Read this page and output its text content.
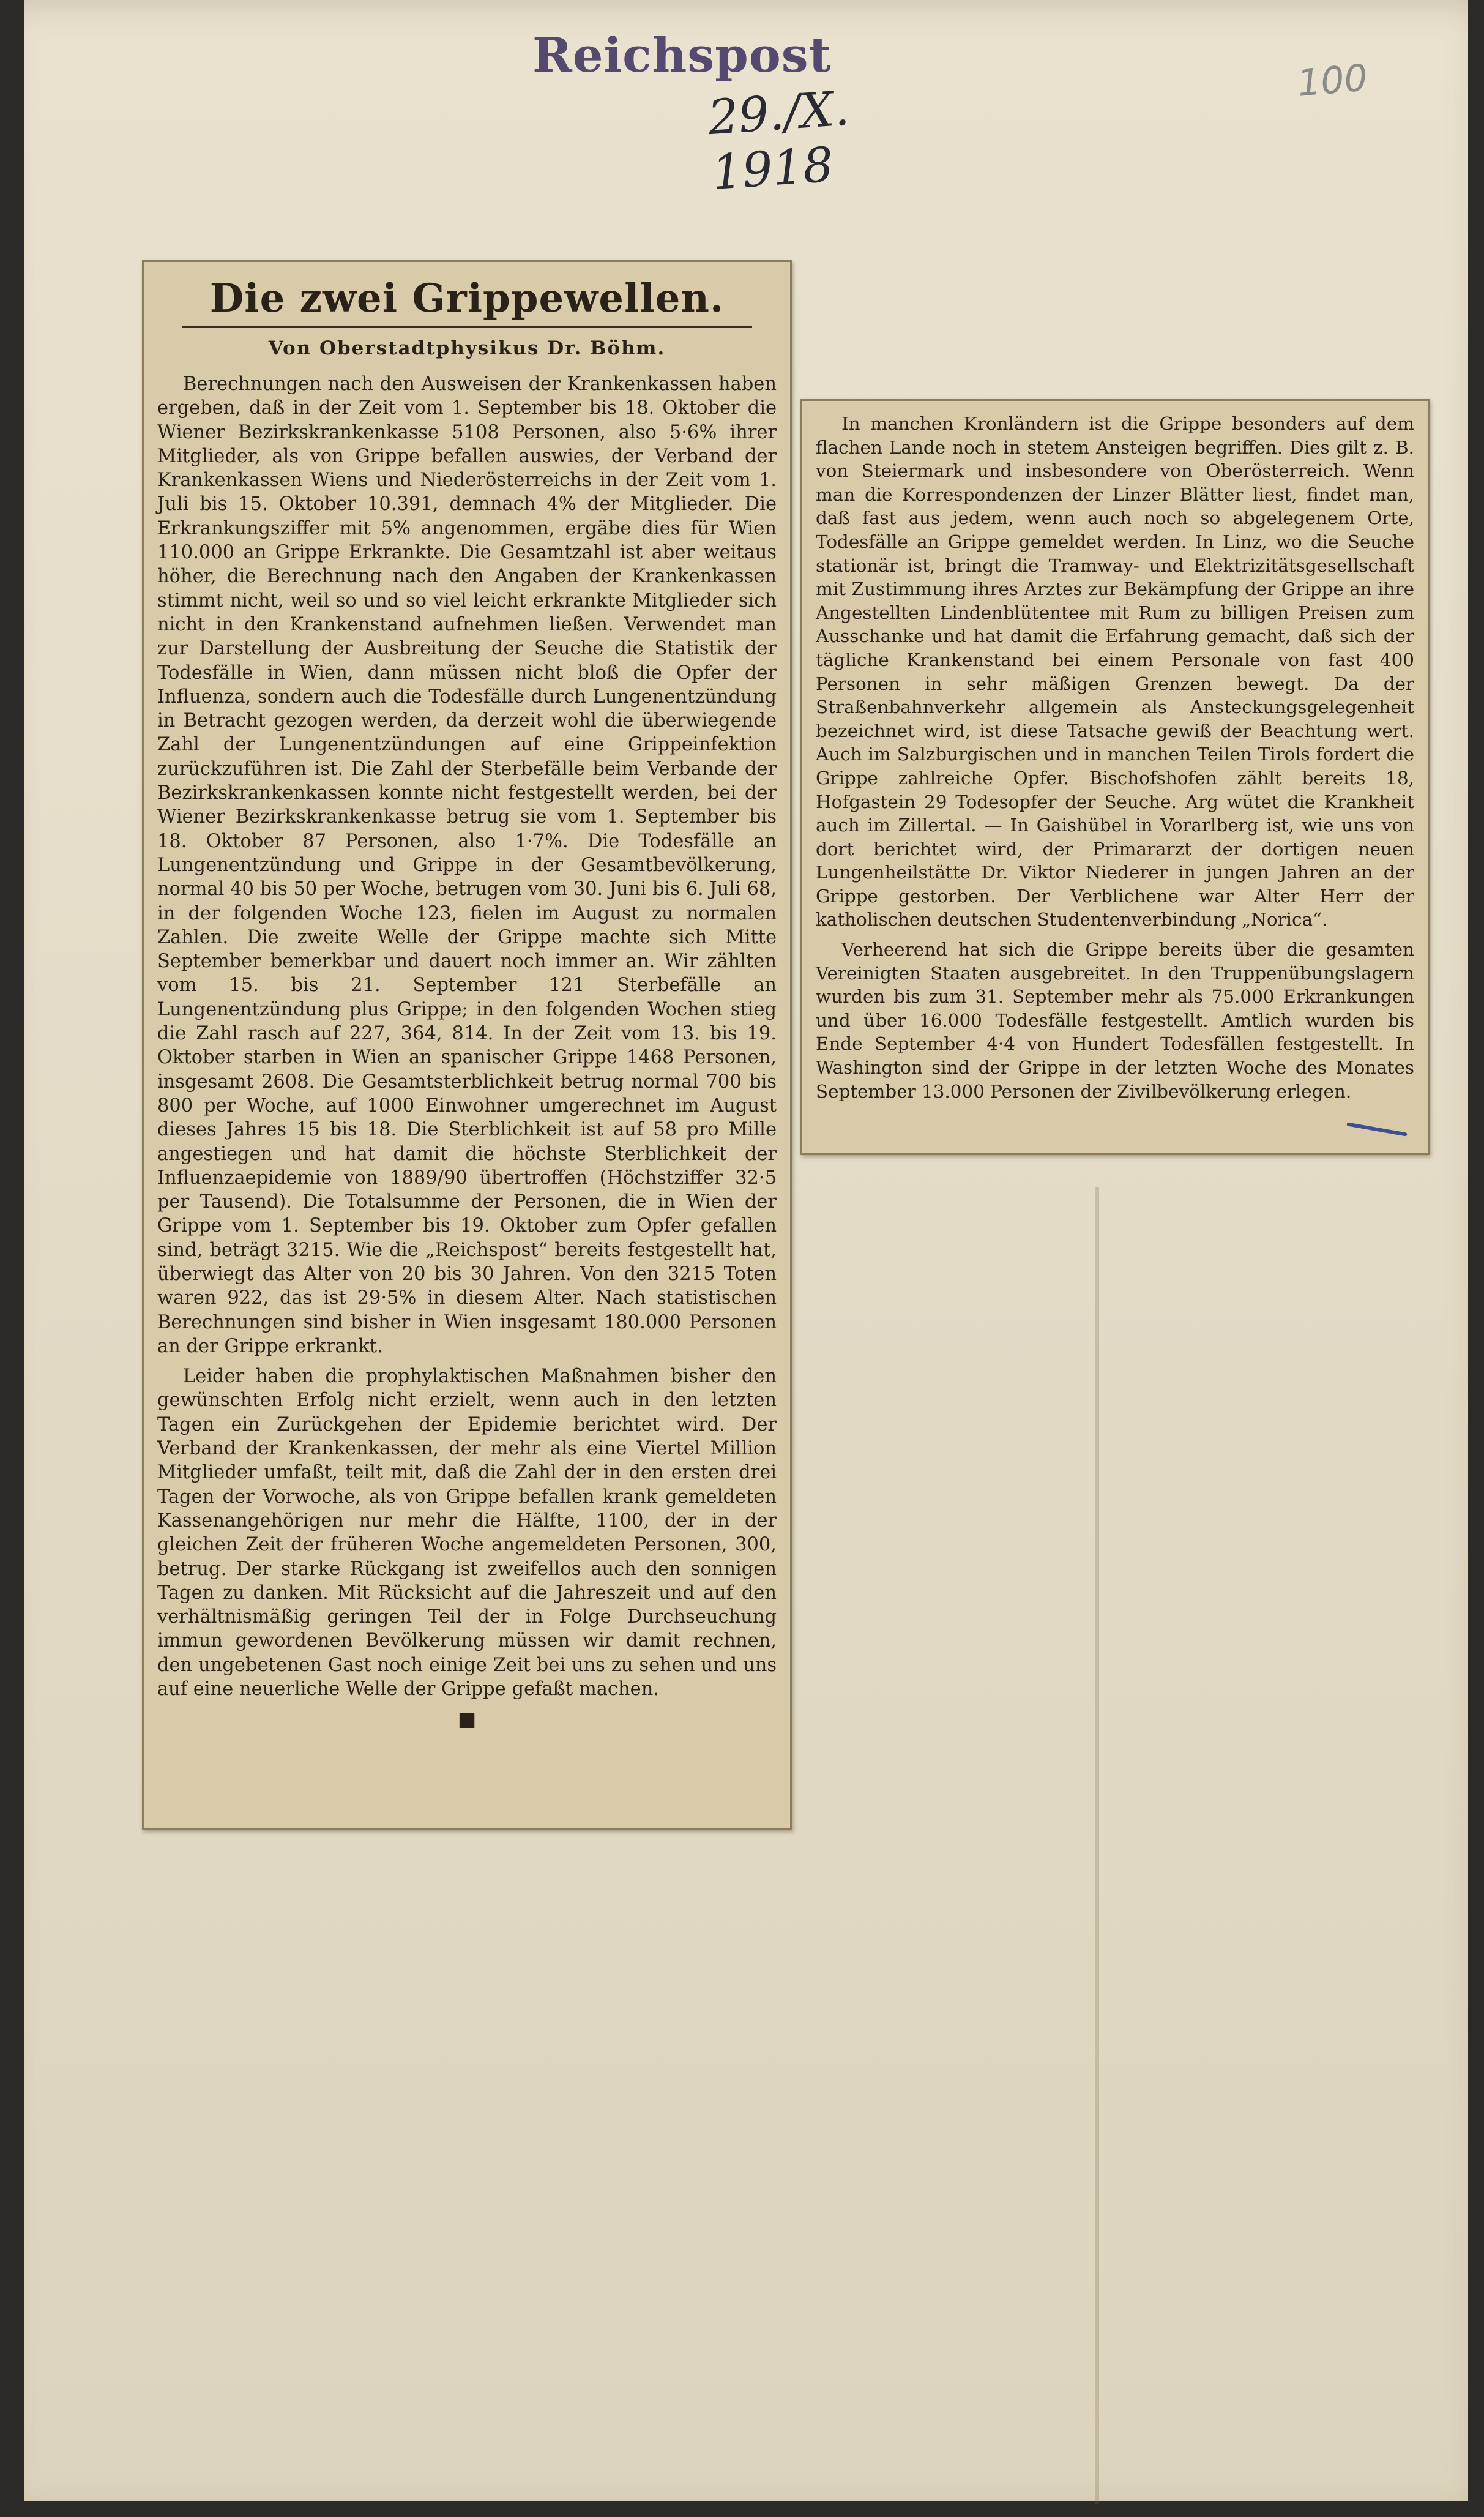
Reichspost
29./X. 1918
100
Die zwei Grippewellen.
Von Oberstadtphysikus Dr. Böhm.

Berechnungen nach den Ausweisen der Krankenkassen haben ergeben, daß in der Zeit vom 1. September bis 18. Oktober die Wiener Bezirkskrankenkasse 5108 Personen, also 5·6% ihrer Mitglieder, als von Grippe befallen auswies, der Verband der Krankenkassen Wiens und Niederösterreichs in der Zeit vom 1. Juli bis 15. Oktober 10.391, demnach 4% der Mitglieder. Die Erkrankungsziffer mit 5% angenommen, ergäbe dies für Wien 110.000 an Grippe Erkrankte. Die Gesamtzahl ist aber weitaus höher, die Berechnung nach den Angaben der Krankenkassen stimmt nicht, weil so und so viel leicht erkrankte Mitglieder sich nicht in den Krankenstand aufnehmen ließen. Verwendet man zur Darstellung der Ausbreitung der Seuche die Statistik der Todesfälle in Wien, dann müssen nicht bloß die Opfer der Influenza, sondern auch die Todesfälle durch Lungenentzündung in Betracht gezogen werden, da derzeit wohl die überwiegende Zahl der Lungenentzündungen auf eine Grippeinfektion zurückzuführen ist. Die Zahl der Sterbefälle beim Verbande der Bezirkskrankenkassen konnte nicht festgestellt werden, bei der Wiener Bezirkskrankenkasse betrug sie vom 1. September bis 18. Oktober 87 Personen, also 1·7%. Die Todesfälle an Lungenentzündung und Grippe in der Gesamtbevölkerung, normal 40 bis 50 per Woche, betrugen vom 30. Juni bis 6. Juli 68, in der folgenden Woche 123, fielen im August zu normalen Zahlen. Die zweite Welle der Grippe machte sich Mitte September bemerkbar und dauert noch immer an. Wir zählten vom 15. bis 21. September 121 Sterbefälle an Lungenentzündung plus Grippe; in den folgenden Wochen stieg die Zahl rasch auf 227, 364, 814. In der Zeit vom 13. bis 19. Oktober starben in Wien an spanischer Grippe 1468 Personen, insgesamt 2608. Die Gesamtsterblichkeit betrug normal 700 bis 800 per Woche, auf 1000 Einwohner umgerechnet im August dieses Jahres 15 bis 18. Die Sterblichkeit ist auf 58 pro Mille angestiegen und hat damit die höchste Sterblichkeit der Influenzaepidemie von 1889/90 übertroffen (Höchstziffer 32·5 per Tausend). Die Totalsumme der Personen, die in Wien der Grippe vom 1. September bis 19. Oktober zum Opfer gefallen sind, beträgt 3215. Wie die „Reichspost“ bereits festgestellt hat, überwiegt das Alter von 20 bis 30 Jahren. Von den 3215 Toten waren 922, das ist 29·5% in diesem Alter. Nach statistischen Berechnungen sind bisher in Wien insgesamt 180.000 Personen an der Grippe erkrankt.

Leider haben die prophylaktischen Maßnahmen bisher den gewünschten Erfolg nicht erzielt, wenn auch in den letzten Tagen ein Zurückgehen der Epidemie berichtet wird. Der Verband der Krankenkassen, der mehr als eine Viertel Million Mitglieder umfaßt, teilt mit, daß die Zahl der in den ersten drei Tagen der Vorwoche, als von Grippe befallen krank gemeldeten Kassenangehörigen nur mehr die Hälfte, 1100, der in der gleichen Zeit der früheren Woche angemeldeten Personen, 300, betrug. Der starke Rückgang ist zweifellos auch den sonnigen Tagen zu danken. Mit Rücksicht auf die Jahreszeit und auf den verhältnismäßig geringen Teil der in Folge Durchseuchung immun gewordenen Bevölkerung müssen wir damit rechnen, den ungebetenen Gast noch einige Zeit bei uns zu sehen und uns auf eine neuerliche Welle der Grippe gefaßt machen.

■

In manchen Kronländern ist die Grippe besonders auf dem flachen Lande noch in stetem Ansteigen begriffen. Dies gilt z. B. von Steiermark und insbesondere von Oberösterreich. Wenn man die Korrespondenzen der Linzer Blätter liest, findet man, daß fast aus jedem, wenn auch noch so abgelegenem Orte, Todesfälle an Grippe gemeldet werden. In Linz, wo die Seuche stationär ist, bringt die Tramway- und Elektrizitätsgesellschaft mit Zustimmung ihres Arztes zur Bekämpfung der Grippe an ihre Angestellten Lindenblütentee mit Rum zu billigen Preisen zum Ausschanke und hat damit die Erfahrung gemacht, daß sich der tägliche Krankenstand bei einem Personale von fast 400 Personen in sehr mäßigen Grenzen bewegt. Da der Straßenbahnverkehr allgemein als Ansteckungsgelegenheit bezeichnet wird, ist diese Tatsache gewiß der Beachtung wert. Auch im Salzburgischen und in manchen Teilen Tirols fordert die Grippe zahlreiche Opfer. Bischofshofen zählt bereits 18, Hofgastein 29 Todesopfer der Seuche. Arg wütet die Krankheit auch im Zillertal. — In Gaishübel in Vorarlberg ist, wie uns von dort berichtet wird, der Primararzt der dortigen neuen Lungenheilstätte Dr. Viktor Niederer in jungen Jahren an der Grippe gestorben. Der Verblichene war Alter Herr der katholischen deutschen Studentenverbindung „Norica“.

Verheerend hat sich die Grippe bereits über die gesamten Vereinigten Staaten ausgebreitet. In den Truppenübungslagern wurden bis zum 31. September mehr als 75.000 Erkrankungen und über 16.000 Todesfälle festgestellt. Amtlich wurden bis Ende September 4·4 von Hundert Todesfällen festgestellt. In Washington sind der Grippe in der letzten Woche des Monates September 13.000 Personen der Zivilbevölkerung erlegen.
